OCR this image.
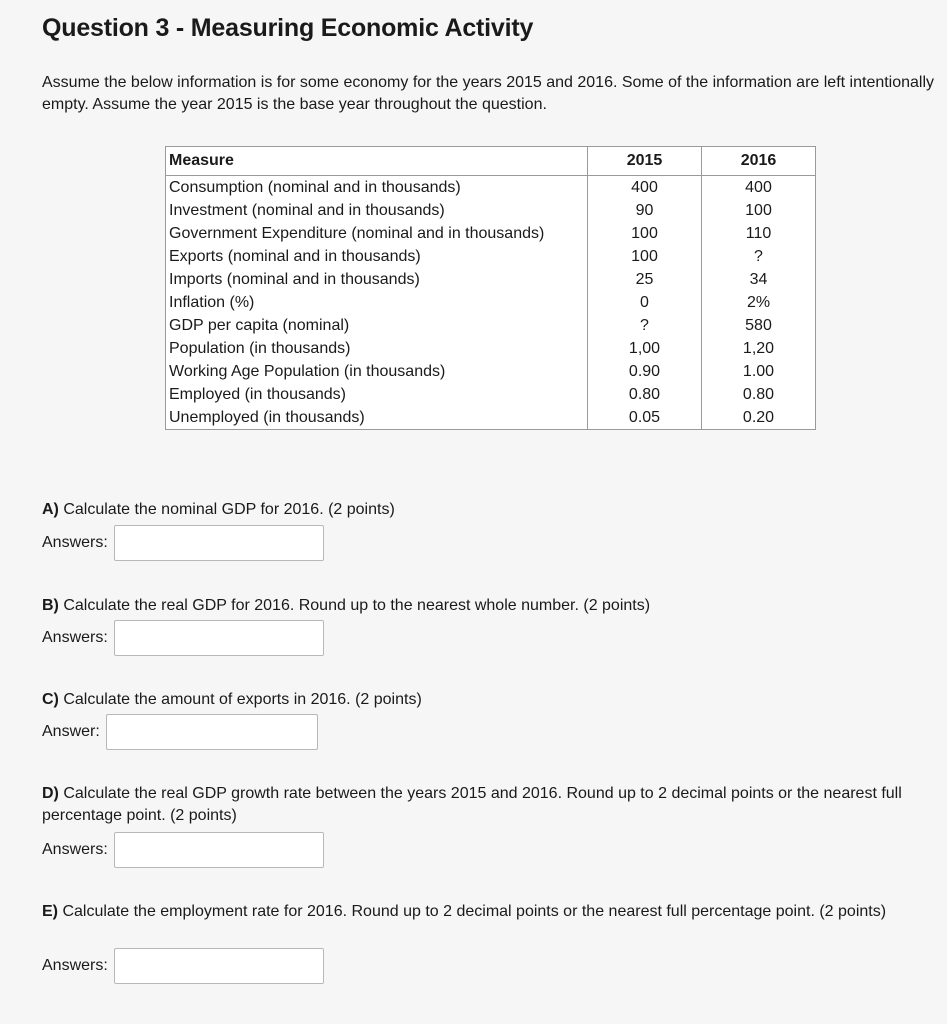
Question 3 - Measuring Economic Activity

Assume the below information is for some economy for the years 2015 and 2016. Some of the information are left intentionally empty. Assume the year 2015 is the base year throughout the question.

Measure	2015	2016
Consumption (nominal and in thousands)	400	400
Investment (nominal and in thousands)	90	100
Government Expenditure (nominal and in thousands)	100	110
Exports (nominal and in thousands)	100	?
Imports (nominal and in thousands)	25	34
Inflation (%)	0	2%
GDP per capita (nominal)	?	580
Population (in thousands)	1,00	1,20
Working Age Population (in thousands)	0.90	1.00
Employed (in thousands)	0.80	0.80
Unemployed (in thousands)	0.05	0.20

A) Calculate the nominal GDP for 2016. (2 points)

Answers:

B) Calculate the real GDP for 2016. Round up to the nearest whole number. (2 points)

Answers:

C) Calculate the amount of exports in 2016. (2 points)

Answer:

D) Calculate the real GDP growth rate between the years 2015 and 2016. Round up to 2 decimal points or the nearest full percentage point. (2 points)

Answers:

E) Calculate the employment rate for 2016. Round up to 2 decimal points or the nearest full percentage point. (2 points)

Answers:
